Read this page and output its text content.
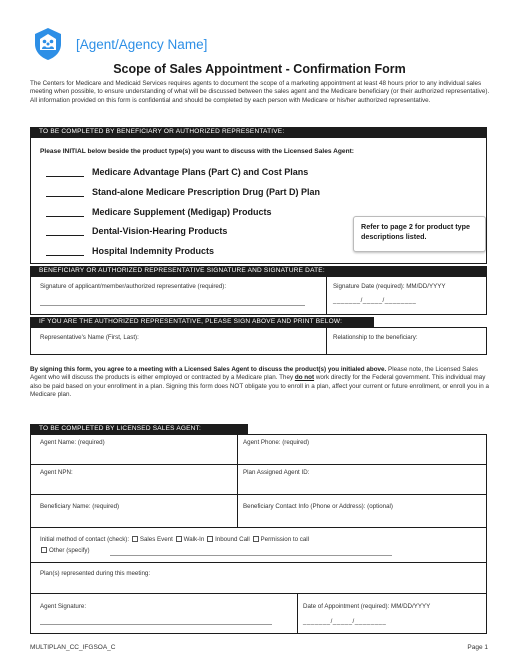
[Agent/Agency Name]
Scope of Sales Appointment - Confirmation Form
The Centers for Medicare and Medicaid Services requires agents to document the scope of a marketing appointment at least 48 hours prior to any individual sales meeting when possible, to ensure understanding of what will be discussed between the sales agent and the Medicare beneficiary (or their authorized representative). All information provided on this form is confidential and should be completed by each person with Medicare or his/her authorized representative.
TO BE COMPLETED BY BENEFICIARY OR AUTHORIZED REPRESENTATIVE:
Please INITIAL below beside the product type(s) you want to discuss with the Licensed Sales Agent:
Medicare Advantage Plans (Part C) and Cost Plans
Stand-alone Medicare Prescription Drug (Part D) Plan
Medicare Supplement (Medigap) Products
Dental-Vision-Hearing Products
Hospital Indemnity Products
Refer to page 2 for product type descriptions listed.
BENEFICIARY OR AUTHORIZED REPRESENTATIVE SIGNATURE AND SIGNATURE DATE:
Signature of applicant/member/authorized representative (required):	Signature Date (required): MM/DD/YYYY
_______/_____/________
IF YOU ARE THE AUTHORIZED REPRESENTATIVE, PLEASE SIGN ABOVE AND PRINT BELOW:
Representative's Name (First, Last):	Relationship to the beneficiary:
By signing this form, you agree to a meeting with a Licensed Sales Agent to discuss the product(s) you initialed above. Please note, the Licensed Sales Agent who will discuss the products is either employed or contracted by a Medicare plan. They do not work directly for the Federal government. This individual may also be paid based on your enrollment in a plan. Signing this form does NOT obligate you to enroll in a plan, affect your current or future enrollment, or enroll you in a Medicare plan.
TO BE COMPLETED BY LICENSED SALES AGENT:
Agent Name: (required)	Agent Phone: (required)
Agent NPN:	Plan Assigned Agent ID:
Beneficiary Name: (required)	Beneficiary Contact Info (Phone or Address): (optional)
Initial method of contact (check): Sales Event Walk-In Inbound Call Permission to call
Other (specify)
Plan(s) represented during this meeting:
Agent Signature:	Date of Appointment (required): MM/DD/YYYY
_______/_____/________
MULTIPLAN_CC_IFGSOA_C	Page 1
